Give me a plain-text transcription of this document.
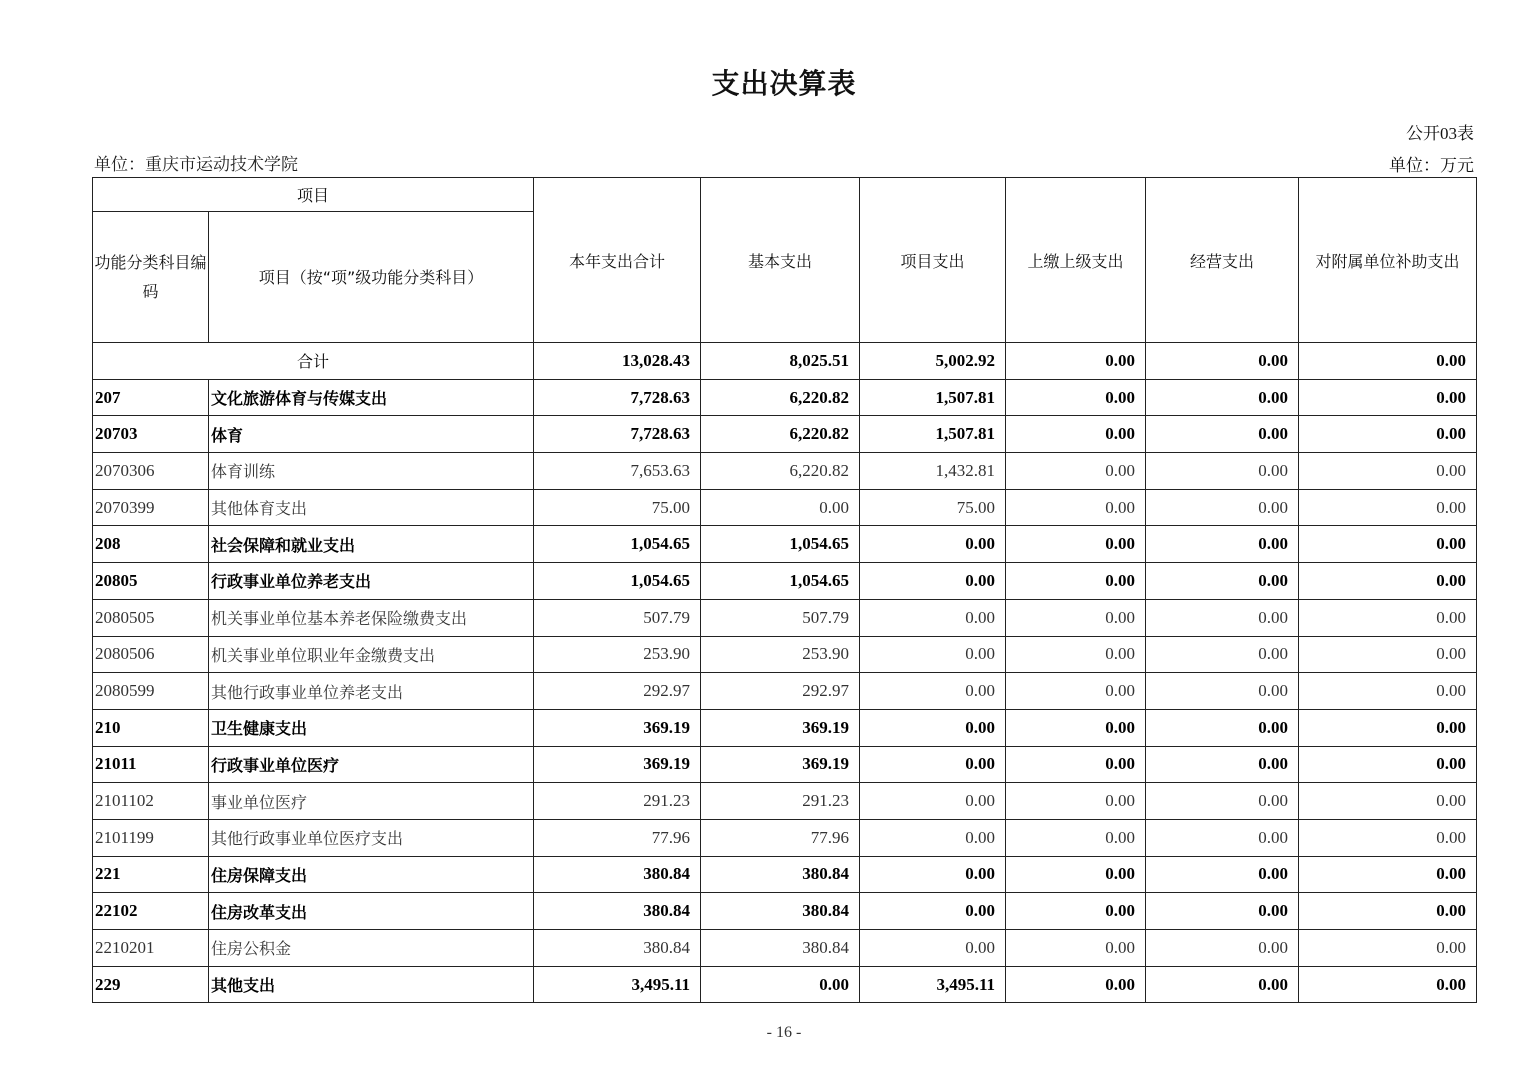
支出决算表
公开03表
单位：重庆市运动技术学院	单位：万元
项目		本年支出合计	基本支出	项目支出	上缴上级支出	经营支出	对附属单位补助支出

功能分类科目编码	项目（按“项”级功能分类科目）						
合计		13,028.43	8,025.51	5,002.92	0.00	0.00	0.00
207	文化旅游体育与传媒支出	7,728.63	6,220.82	1,507.81	0.00	0.00	0.00
20703	体育	7,728.63	6,220.82	1,507.81	0.00	0.00	0.00
2070306	体育训练	7,653.63	6,220.82	1,432.81	0.00	0.00	0.00
2070399	其他体育支出	75.00	0.00	75.00	0.00	0.00	0.00
208	社会保障和就业支出	1,054.65	1,054.65	0.00	0.00	0.00	0.00
20805	行政事业单位养老支出	1,054.65	1,054.65	0.00	0.00	0.00	0.00
2080505	机关事业单位基本养老保险缴费支出	507.79	507.79	0.00	0.00	0.00	0.00
2080506	机关事业单位职业年金缴费支出	253.90	253.90	0.00	0.00	0.00	0.00
2080599	其他行政事业单位养老支出	292.97	292.97	0.00	0.00	0.00	0.00
210	卫生健康支出	369.19	369.19	0.00	0.00	0.00	0.00
21011	行政事业单位医疗	369.19	369.19	0.00	0.00	0.00	0.00
2101102	事业单位医疗	291.23	291.23	0.00	0.00	0.00	0.00
2101199	其他行政事业单位医疗支出	77.96	77.96	0.00	0.00	0.00	0.00
221	住房保障支出	380.84	380.84	0.00	0.00	0.00	0.00
22102	住房改革支出	380.84	380.84	0.00	0.00	0.00	0.00
2210201	住房公积金	380.84	380.84	0.00	0.00	0.00	0.00
229	其他支出	3,495.11	0.00	3,495.11	0.00	0.00	0.00
- 16 -
